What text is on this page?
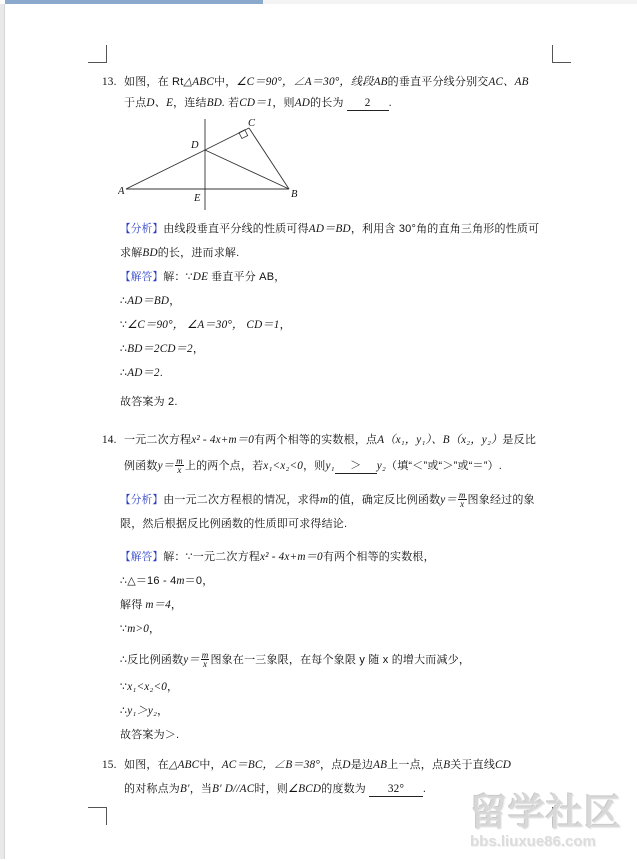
13. 如图，在 Rt△ABC中，∠C＝90°，∠A＝30°，线段AB的垂直平分线分别交AC、AB
于点D、E，连结BD. 若CD＝1，则AD的长为 2 .
A	B
C
D
E
【分析】由线段垂直平分线的性质可得AD＝BD，利用含 30°角的直角三角形的性质可
求解BD的长，进而求解.
【解答】解：∵DE 垂直平分 AB，
∴AD＝BD，
∵∠C＝90°， ∠A＝30°， CD＝1，
∴BD＝2CD＝2，
∴AD＝2.
故答案为 2.
14. 一元二次方程x² - 4x+m＝0有两个相等的实数根，点A（x₁，y₁）、B（x₂，y₂）是反比
例函数$y= \frac{m}{x}$ 上的两个点，若x₁<x₂<0，则y₁ ＞ y₂（填“＜”或“＞”或“＝”）.
【分析】由一元二次方程根的情况，求得m的值，确定反比例函数$y= \frac{m}{x}$ 图象经过的象
限，然后根据反比例函数的性质即可求得结论.
【解答】解：∵一元二次方程x² - 4x+m＝0有两个相等的实数根，
∴△＝16 - 4m＝0，
解得 m＝4，
∵m>0，
∴反比例函数$y= \frac{m}{x}$ 图象在一三象限，在每个象限 y 随 x 的增大而减少，
∵x₁<x₂<0，
∴y₁＞y₂，
故答案为＞.
15. 如图，在△ABC中，AC＝BC，∠B＝38°，点D是边AB上一点，点B关于直线CD
的对称点为B′，当B′ D//AC时，则∠BCD的度数为 32° .
留学社区
bbs.liuxue86.com
